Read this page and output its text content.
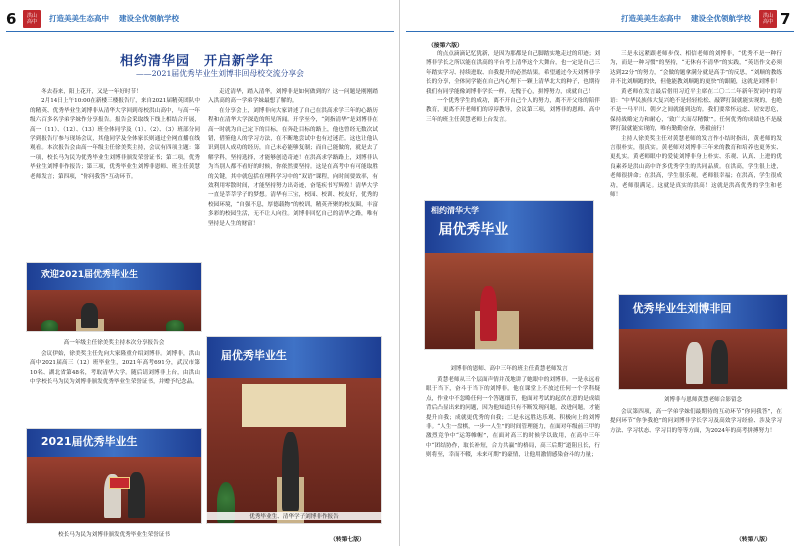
6	洪山
高中	打造美美生态高中 建设全优领航学校
相约清华园　开启新学年
——2021届优秀毕业生刘博非回母校交流分享会

冬去春来，阳上花开，又是一年好时节！

2月14日上午10:00在新楼三楼报告厅，来自2021届精英团队中的精英、优秀毕业生刘博非从清华大学回到母校洪山高中，与高一年级六百多名学弟学妹作分享报告。报告会采取线下线上相结合开展，高一（11）、（12）、（13）班全体同学及（1）、（2）、（3）班部分同学到报告厅参与现场会议，其他同学及全体家长则通过全网直播在线观看。本次报告会由高一年级主任徐美奖主持，会议有四项主题：第一项，校长马为民为优秀毕业生刘博非颁发荣誉证书；第二项，优秀毕业生刘博非作报告；第三项，优秀毕业生刘博非恩师、班主任黄慧老师发言；第四项，“你问我答”互动环节。

欢迎2021届优秀毕业生
高一年级主任徐美奖主持本次分享报告会

会议伊始，徐美奖主任先向大家隆重介绍刘博非。刘博非，洪山高中2021届高三（12）班毕业生，2021年高考691分，武汉市第10名、湖北省第48名，考取清华大学。随后请刘博非上台，由洪山中学校长马为民为刘博非颁发优秀毕业生荣誉证书，并赠予纪念品。

2021届优秀毕业生
校长马为民为刘博非颁发优秀毕业生荣誉证书

走近清华，踏入清华，刘博非是如何做到的？这一问题是刚刚踏入洪高的高一学弟学妹最想了解的。

在分享会上，刘博非向大家讲述了自己在洪高求学三年的心路历程和在清华大学深造的所见所闻。开学至今，“剑指清华”是刘博非在高一时就为自己定下的目标，在奔赴目标的路上，他也曾经无数次试错，借鉴他人的学习方法，在不断地尝试中也有过迷茫。这也让他认识到别人成功的经历，自己未必能够复制；而自己能做的，就是去了解学科，坚持选择，才能够创造奇迹！在洪高求学路路上，刘博非认为当别人都不看好的时候，你依然要坚持。这是在高考中有可能取胜的关键，其中就包括在理科学习中的“双语”课程，向时间要效率，有效利用零散时间，才能坚持努力出奇迹，奋笔疾书写辉煌！清华大学一直是莘莘学子的梦想。清华有三宝，校园、校训、校友好，优秀的校园环境，“自强不息，厚德载物”的校训，精英齐聚的校友圈，丰富多彩的校园生活，无不让人向往。刘博非回忆自己的清华之路，唯有坚持是人生的财富！

届优秀毕业生
优秀毕业生、清华学子刘博非作报告
（转第七版）
打造美美生态高中 建设全优领航学校	洪山
高中 7
（接第六版）

的点点滴滴记忆犹新，是因为那都是自己脚踏实地走过的印迹；刘博非学长之所以能在洪高的平台考上清华这个大舞台，也一定是自己三年踏实学习、持续进取、自我提升的必然结果。希望通过今天刘博非学长的分享，全体同学能在自己内心埋下一颗上清华北大的种子，也期待我们有同学能像刘博非学长一样，无愧于心，拼博努力，成就自己！

一个优秀学生的成功，离不开自己个人的努力，离不开父母的陪伴教育，更离不开老师们的谆谆教导，会议第三项，刘博非的恩师、高中三年的班主任黄慧老师上台发言。

届优秀毕业
相约清华大学
刘博非的恩师、高中三年的班主任黄慧老师发言

黄慧老师从三个层面声情并茂地讲了她眼中的刘博非。一是永远看眼于当下，奋斗于当下的刘博非。他在课堂上不放过任何一个学科疑点，作业中不忽略任何一个答题细节，他面对考试的起伏在意的是成绩背后凸显出来的问题，因为他知道只有不断发现问题，改进问题，才能提升自我；成就更优秀的自我；二是永远胜达乐观、积极向上的刘博非。“人生一盘棋，一步一人生”的时间管理能力，在面对年级前三甲的激烈竞争中“运筹帷幄”，在面对高三的时候学以致用，在高中三年中“团结协作，取长补短，合力共赢”的格局，高三后期“道阻且长，行则将至，幸而不輟，未来可期”的豪情，让他用激情感染奋斗的力量；

三是永远紧跟老师步伐、相信老师的刘博非，“优秀不是一种行为，而是一种习惯”的坚持，“无休有不清华”的实践，“英语作文必须达到22分”的努力，“会做的题拿满分就是高手”的反思，“刘顺的教练并不比刘顺跑的快，但他能教刘顺跑的更快”的跟随，这就是刘博非！

黄老师在发言最后借用习近平主席在二〇二二年新年贺词中的寄语：“中华民族伟大复兴绝不是轻轻松松、敲锣打鼓就能实现的，也绝不是一马平川、朝夕之间就能到达的。我们要常怀远虑、居安思危，保持战略定力和耐心，‘致广大而尽精微’”。任何优秀的成绩也不是敲锣打鼓就能实现的，唯有勤勤奋奋，勇毅前行！

主持人徐美奖主任对黄慧老师的发言作小结时指出，黄老师的发言很朴实，很真实。黄老师对刘博非三年来的教育和培养也更务实、更扎实。黄老师眼中的爱徒刘博非身上朴实、乐观、认真、上进的优良素养是洪山高中许多优秀学生的共同品质。在洪高，学生很上进，老师很拼命；在洪高，学生很乐观，老师很幸福；在洪高，学生很成功，老师很满足。这就是真实的洪高！这就是洪高优秀的学生和老师！

优秀毕业生刘博非回
刘博非与恩师黄慧老师合影留念

会议第四项，高一学弟学妹们最期待的互动环节“你问我答”，在提问环节“你争我抢”的问刘博非学长学习及高效学习经验、涉及学习方法、学习状态、学习目的等等方面，为2024年的高考拼搏努力！

（转第八版）
